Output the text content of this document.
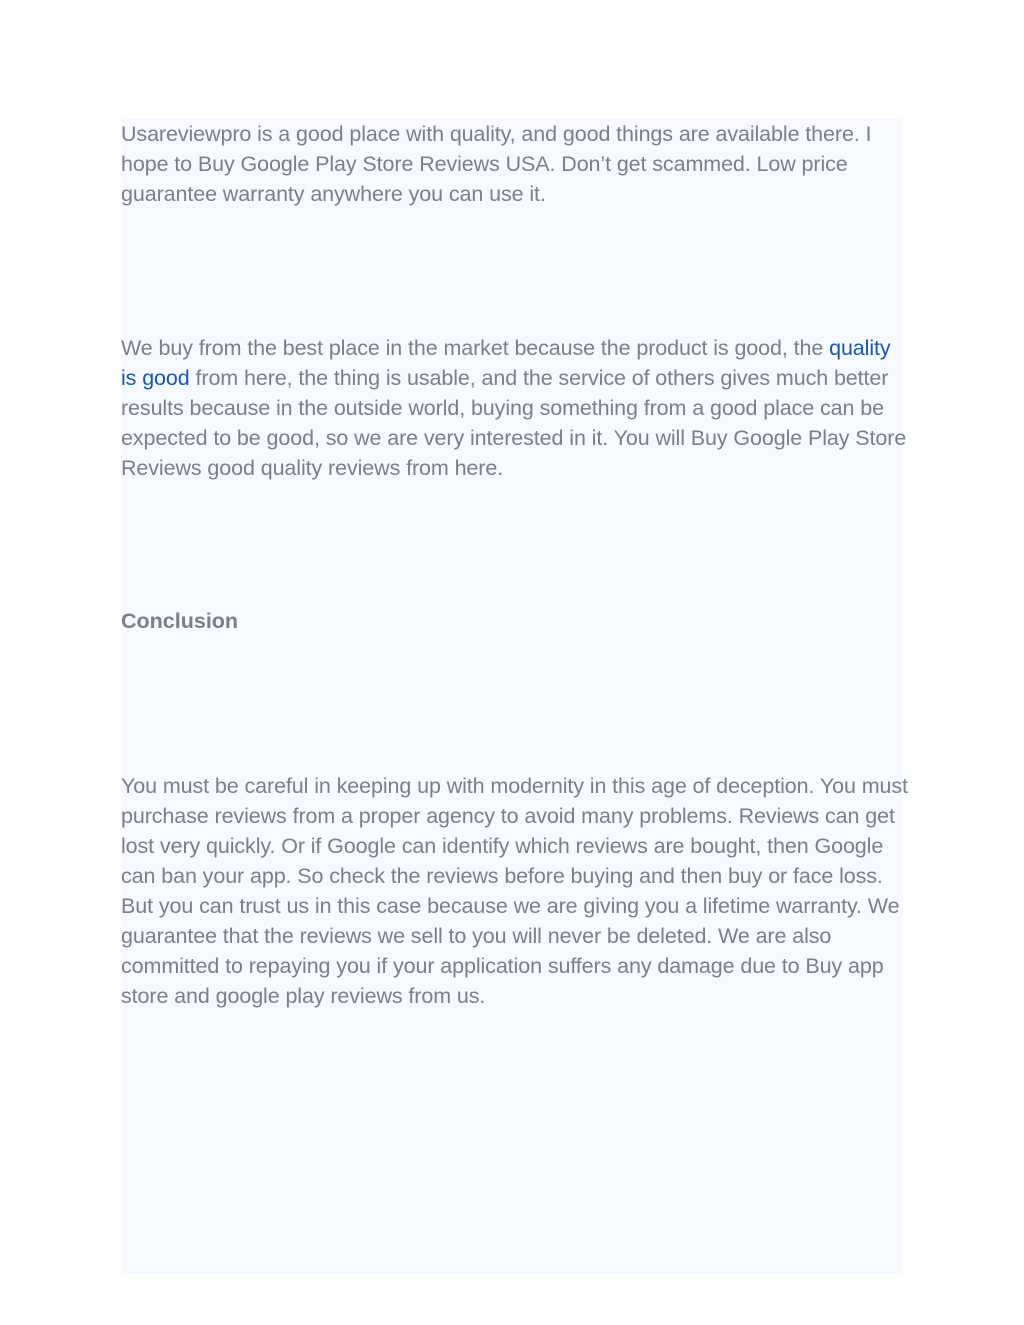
Usareviewpro is a good place with quality, and good things are available there. I hope to Buy Google Play Store Reviews USA. Don’t get scammed. Low price guarantee warranty anywhere you can use it.

We buy from the best place in the market because the product is good, the quality is good from here, the thing is usable, and the service of others gives much better results because in the outside world, buying something from a good place can be expected to be good, so we are very interested in it. You will Buy Google Play Store Reviews good quality reviews from here.

Conclusion

You must be careful in keeping up with modernity in this age of deception. You must purchase reviews from a proper agency to avoid many problems. Reviews can get lost very quickly. Or if Google can identify which reviews are bought, then Google can ban your app. So check the reviews before buying and then buy or face loss. But you can trust us in this case because we are giving you a lifetime warranty. We guarantee that the reviews we sell to you will never be deleted. We are also committed to repaying you if your application suffers any damage due to Buy app store and google play reviews from us.
